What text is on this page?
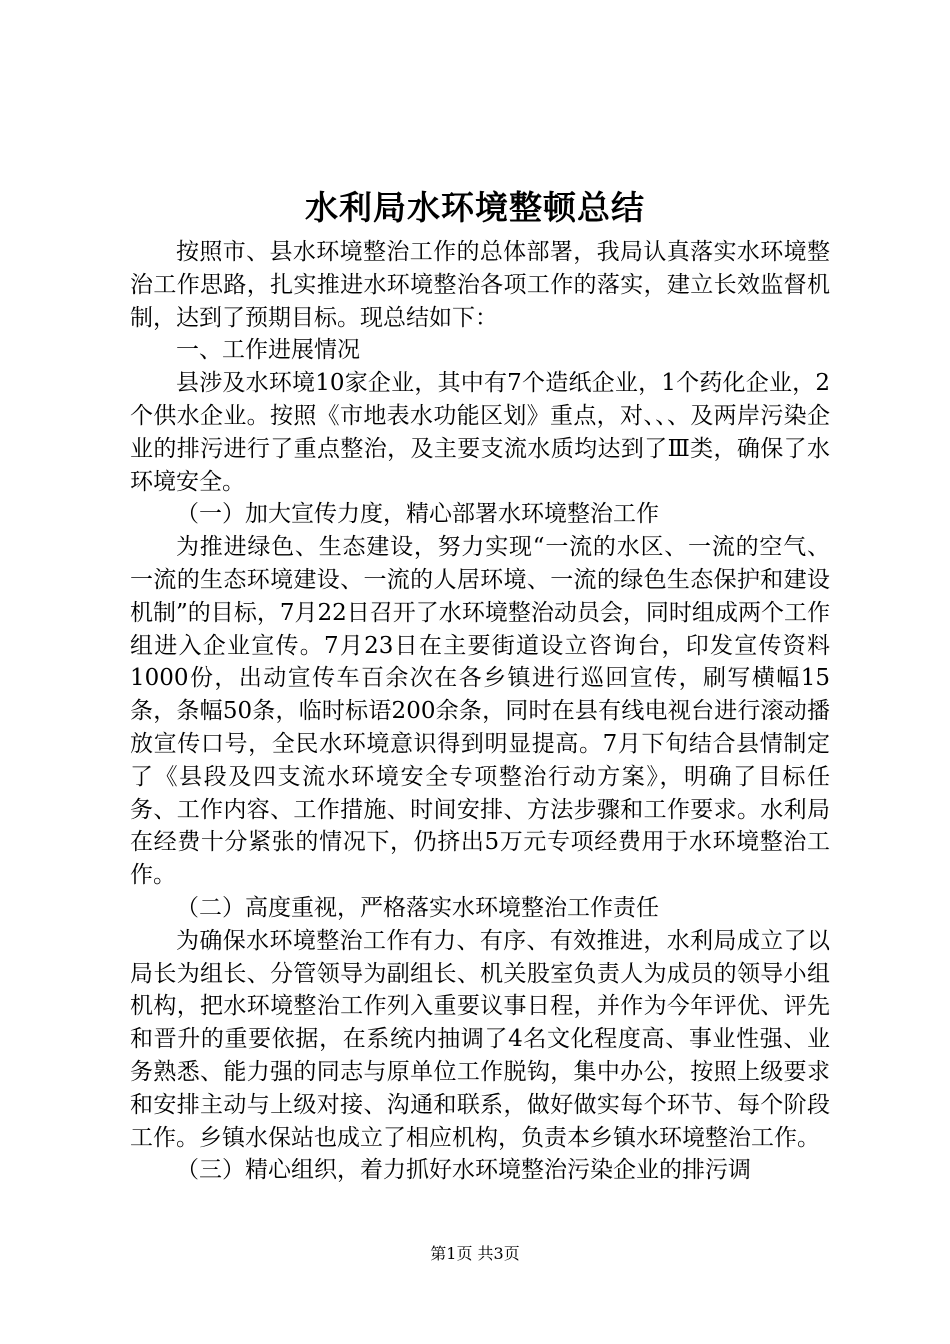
水利局水环境整顿总结

按照市、县水环境整治工作的总体部署，我局认真落实水环境整治工作思路，扎实推进水环境整治各项工作的落实，建立长效监督机制，达到了预期目标。现总结如下：

一、工作进展情况

县涉及水环境10家企业，其中有7个造纸企业，1个药化企业，2个供水企业。按照《市地表水功能区划》重点，对、、、及两岸污染企业的排污进行了重点整治，及主要支流水质均达到了Ⅲ类，确保了水环境安全。

（一）加大宣传力度，精心部署水环境整治工作

为推进绿色、生态建设，努力实现“一流的水区、一流的空气、一流的生态环境建设、一流的人居环境、一流的绿色生态保护和建设机制”的目标，7月22日召开了水环境整治动员会，同时组成两个工作组进入企业宣传。7月23日在主要街道设立咨询台，印发宣传资料1000份，出动宣传车百余次在各乡镇进行巡回宣传，刷写横幅15条，条幅50条，临时标语200余条，同时在县有线电视台进行滚动播放宣传口号，全民水环境意识得到明显提高。7月下旬结合县情制定了《县段及四支流水环境安全专项整治行动方案》，明确了目标任务、工作内容、工作措施、时间安排、方法步骤和工作要求。水利局在经费十分紧张的情况下，仍挤出5万元专项经费用于水环境整治工作。

（二）高度重视，严格落实水环境整治工作责任

为确保水环境整治工作有力、有序、有效推进，水利局成立了以局长为组长、分管领导为副组长、机关股室负责人为成员的领导小组机构，把水环境整治工作列入重要议事日程，并作为今年评优、评先和晋升的重要依据，在系统内抽调了4名文化程度高、事业性强、业务熟悉、能力强的同志与原单位工作脱钩，集中办公，按照上级要求和安排主动与上级对接、沟通和联系，做好做实每个环节、每个阶段工作。乡镇水保站也成立了相应机构，负责本乡镇水环境整治工作。

（三）精心组织，着力抓好水环境整治污染企业的排污调

第1页 共3页
